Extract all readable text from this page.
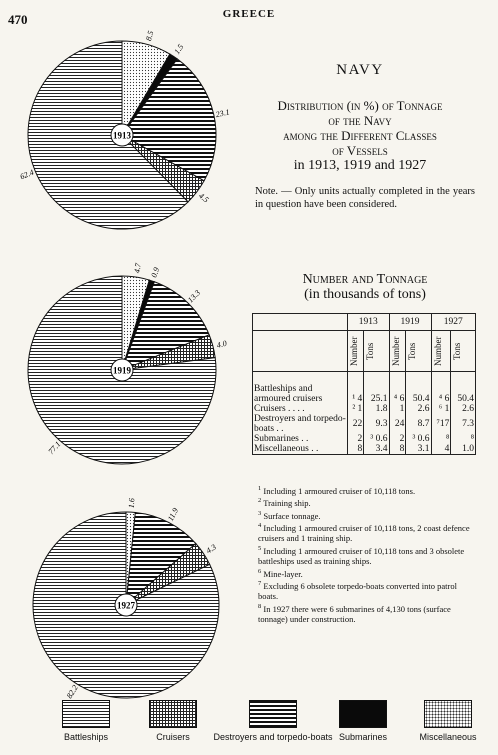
470	GREECE
8.5
1.5
23.1
4.5
62.4
1913
4.7 0.9
13.3
4.0
77.1
1919
1.6
11.9
4.3
82.2
1927
NAVY
Distribution (in %) of Tonnage
of the Navy
among the Different Classes
of Vessels
in 1913, 1919 and 1927
Note. — Only units actually completed in the years in question have been considered.
Number and Tonnage
(in thousands of tons)
	1913		1919		1927	

	Number	Tons	Number	Tons	Number	Tons

Battleships and armoured cruisers	¹ 4	25.1	⁴ 6	50.4	⁴ 6	50.4
Cruisers . . . .	² 1	1.8	1	2.6	⁶ 1	2.6
Destroyers and torpedo-boats . .	22	9.3	24	8.7	⁷17	7.3
Submarines . .	2	³ 0.6	2	³ 0.6	⁸	⁸
Miscellaneous . .	8	3.4	8	3.1	4	1.0

$^1$ Including 1 armoured cruiser of 10,118 tons.

$^2$ Training ship.

$^3$ Surface tonnage.

$^4$ Including 1 armoured cruiser of 10,118 tons, 2 coast defence cruisers and 1 training ship.

$^5$ Including 1 armoured cruiser of 10,118 tons and 3 obsolete battleships used as training ships.

$^6$ Mine-layer.

$^7$ Excluding 6 obsolete torpedo-boats converted into patrol boats.

$^8$ In 1927 there were 6 submarines of 4,130 tons (surface tonnage) under construction.

Battleships	Cruisers	Destroyers and torpedo-boats Submarines	Miscellaneous
